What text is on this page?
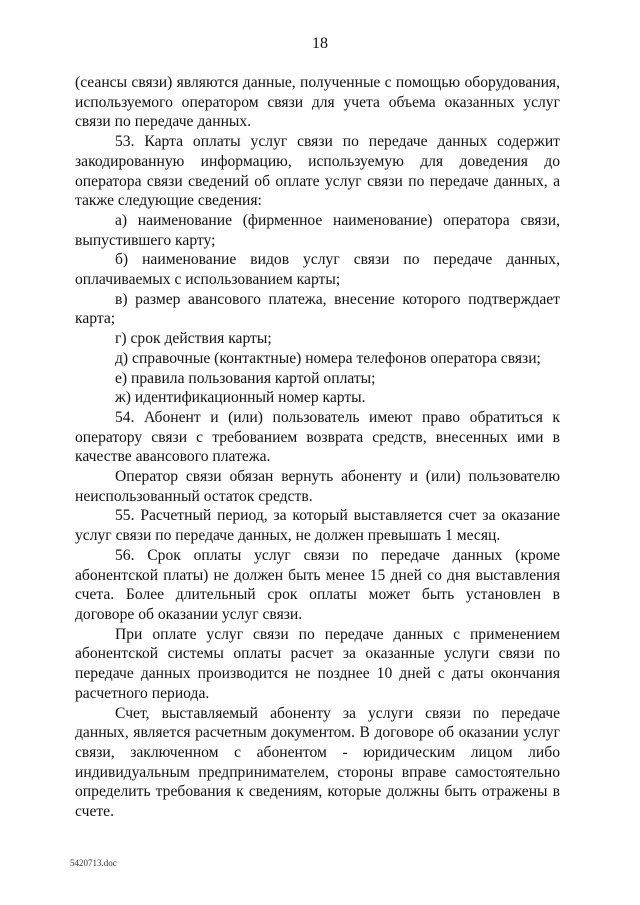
18

(сеансы связи) являются данные, полученные с помощью оборудования, используемого оператором связи для учета объема оказанных услуг связи по передаче данных.

53. Карта оплаты услуг связи по передаче данных содержит закодированную информацию, используемую для доведения до оператора связи сведений об оплате услуг связи по передаче данных, а также следующие сведения:

а) наименование (фирменное наименование) оператора связи, выпустившего карту;

б) наименование видов услуг связи по передаче данных, оплачиваемых с использованием карты;

в) размер авансового платежа, внесение которого подтверждает карта;

г) срок действия карты;

д) справочные (контактные) номера телефонов оператора связи;

е) правила пользования картой оплаты;

ж) идентификационный номер карты.

54. Абонент и (или) пользователь имеют право обратиться к оператору связи с требованием возврата средств, внесенных ими в качестве авансового платежа.

Оператор связи обязан вернуть абоненту и (или) пользователю неиспользованный остаток средств.

55. Расчетный период, за который выставляется счет за оказание услуг связи по передаче данных, не должен превышать 1 месяц.

56. Срок оплаты услуг связи по передаче данных (кроме абонентской платы) не должен быть менее 15 дней со дня выставления счета. Более длительный срок оплаты может быть установлен в договоре об оказании услуг связи.

При оплате услуг связи по передаче данных с применением абонентской системы оплаты расчет за оказанные услуги связи по передаче данных производится не позднее 10 дней с даты окончания расчетного периода.

Счет, выставляемый абоненту за услуги связи по передаче данных, является расчетным документом. В договоре об оказании услуг связи, заключенном с абонентом - юридическим лицом либо индивидуальным предпринимателем, стороны вправе самостоятельно определить требования к сведениям, которые должны быть отражены в счете.

5420713.doc
